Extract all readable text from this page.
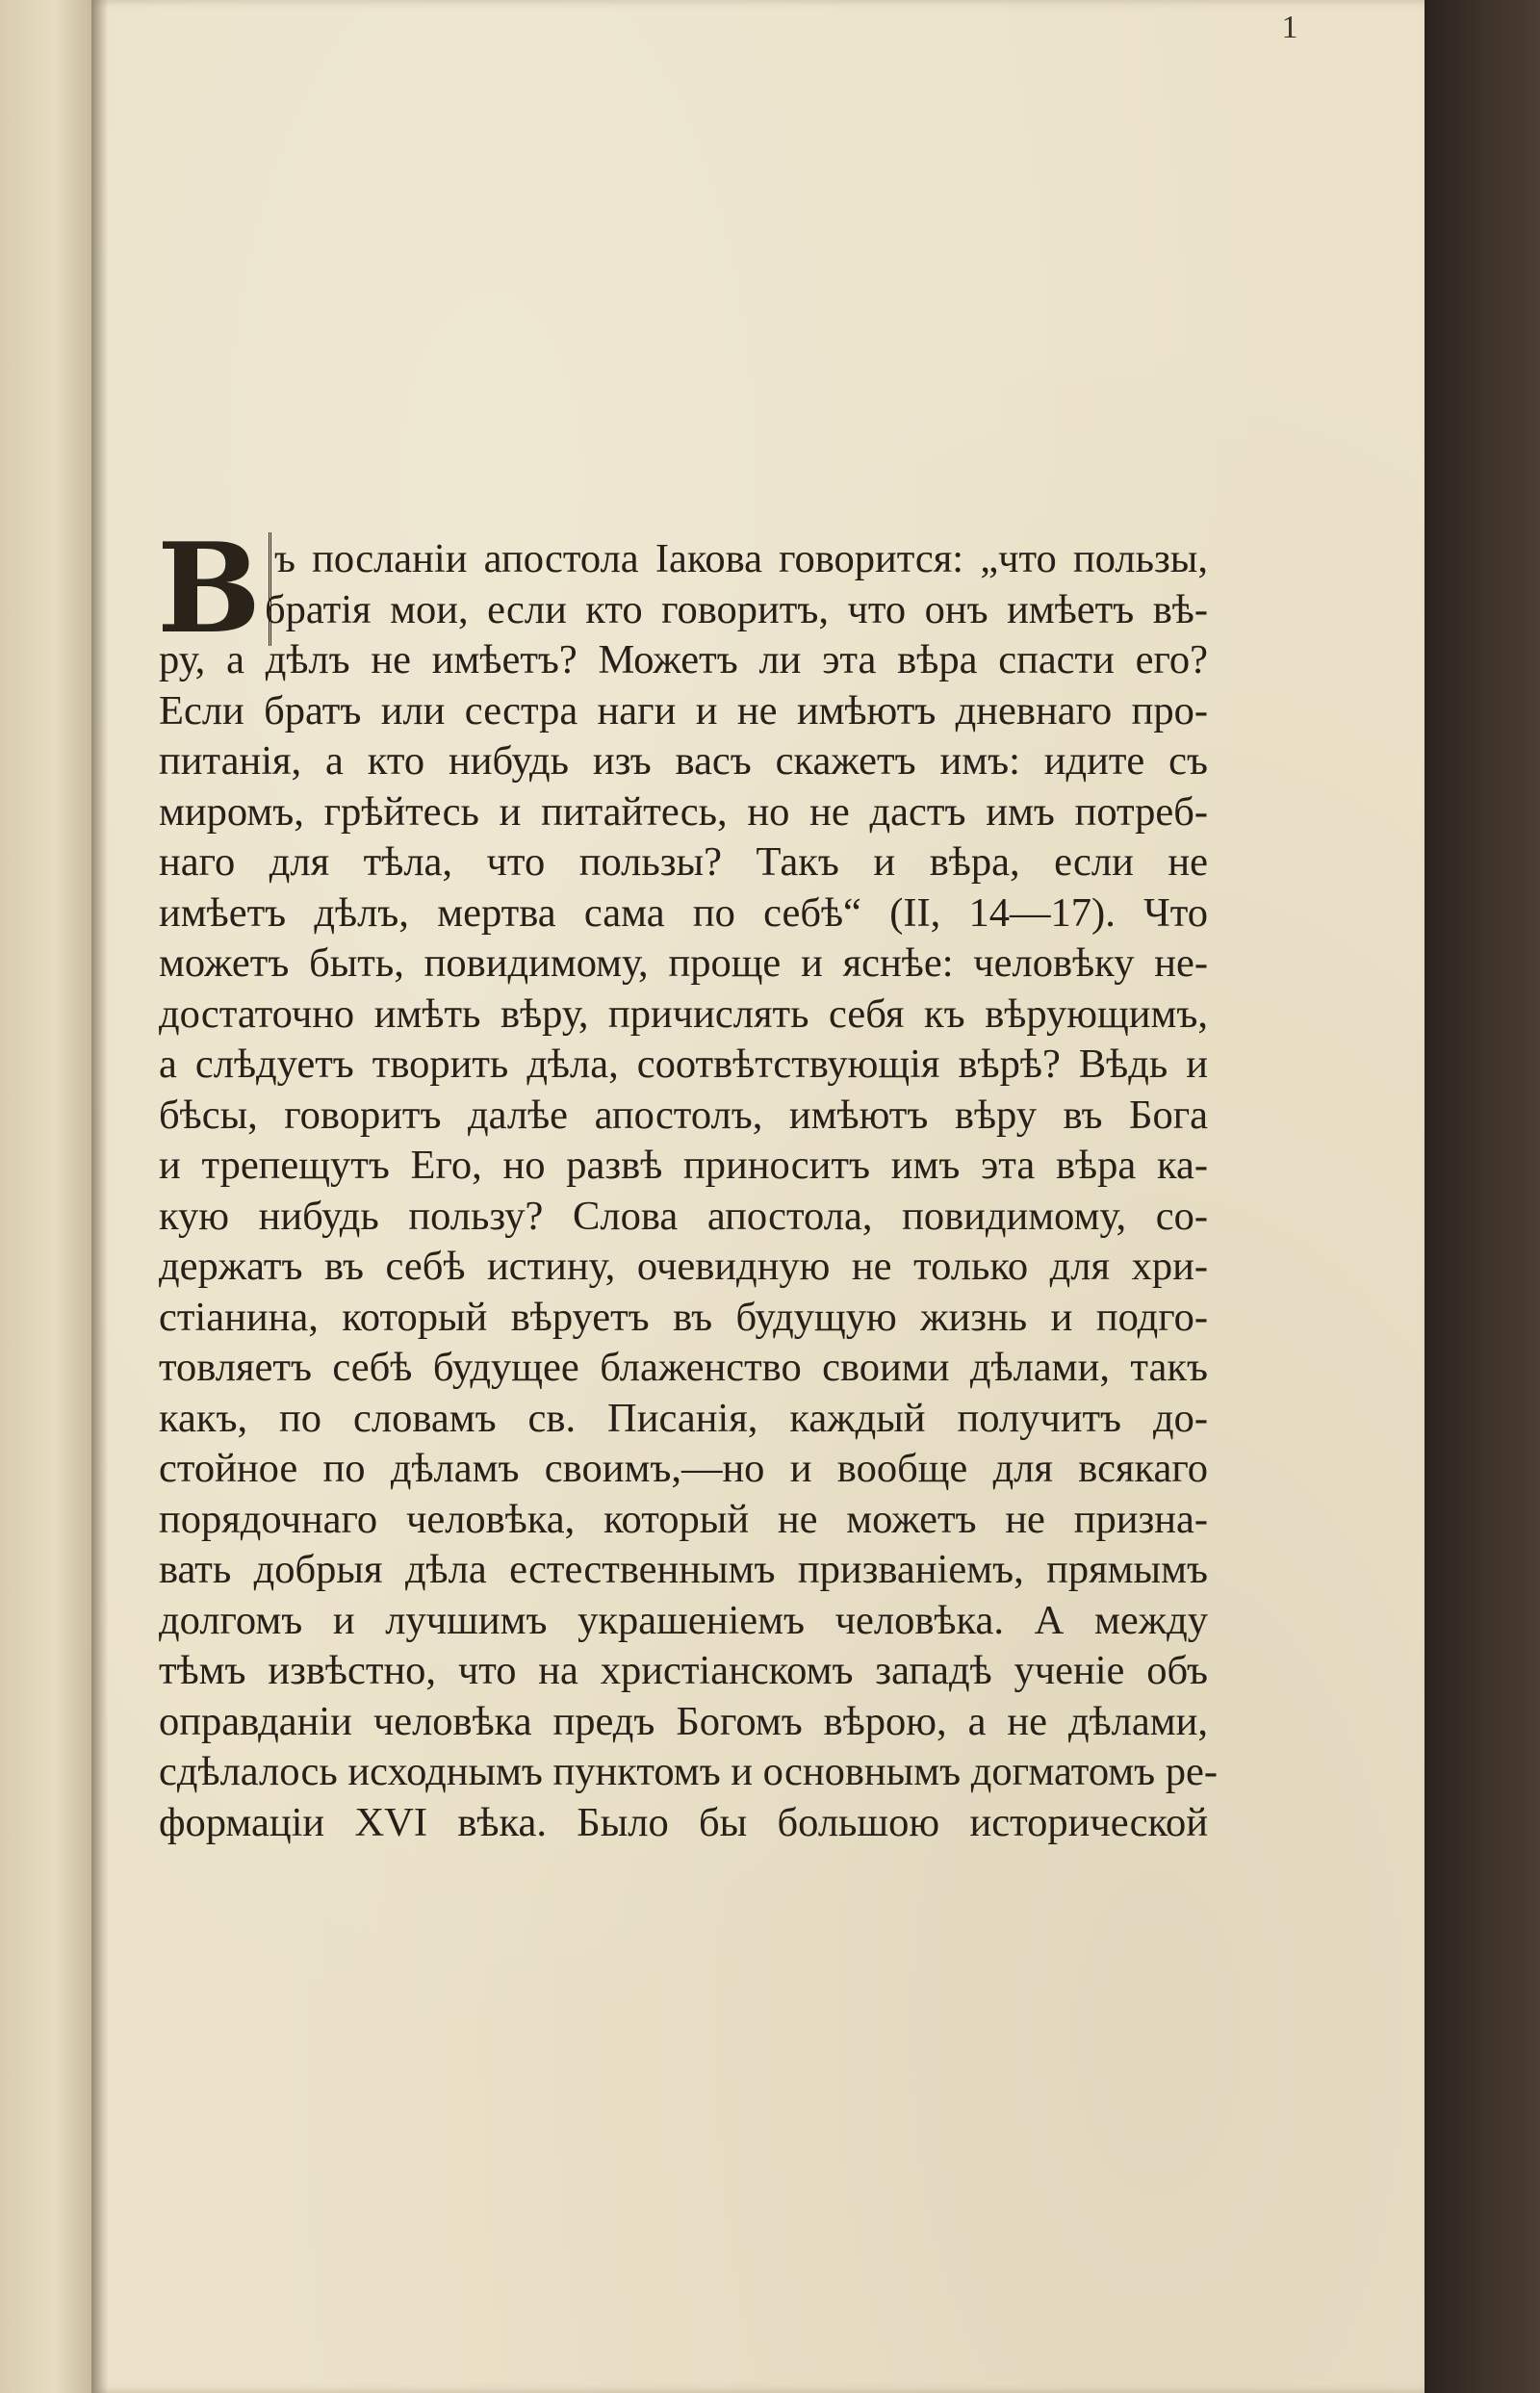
1
В ъ посланіи апостола Іакова говорится: „что пользы,
братія мои, если кто говоритъ, что онъ имѣетъ вѣ-
ру, а дѣлъ не имѣетъ? Можетъ ли эта вѣра спасти его?
Если братъ или сестра наги и не имѣютъ дневнаго про-
питанія, а кто нибудь изъ васъ скажетъ имъ: идите съ
миромъ, грѣйтесь и питайтесь, но не дастъ имъ потреб-
наго для тѣла, что пользы? Такъ и вѣра, если не
имѣетъ дѣлъ, мертва сама по себѣ“ (II, 14—17). Что
можетъ быть, повидимому, проще и яснѣе: человѣку не-
достаточно имѣть вѣру, причислять себя къ вѣрующимъ,
а слѣдуетъ творить дѣла, соотвѣтствующія вѣрѣ? Вѣдь и
бѣсы, говоритъ далѣе апостолъ, имѣютъ вѣру въ Бога
и трепещутъ Его, но развѣ приноситъ имъ эта вѣра ка-
кую нибудь пользу? Слова апостола, повидимому, со-
держатъ въ себѣ истину, очевидную не только для хри-
стіанина, который вѣруетъ въ будущую жизнь и подго-
товляетъ себѣ будущее блаженство своими дѣлами, такъ
какъ, по словамъ св. Писанія, каждый получитъ до-
стойное по дѣламъ своимъ,—но и вообще для всякаго
порядочнаго человѣка, который не можетъ не призна-
вать добрыя дѣла естественнымъ призваніемъ, прямымъ
долгомъ и лучшимъ украшеніемъ человѣка. А между
тѣмъ извѣстно, что на христіанскомъ западѣ ученіе объ
оправданіи человѣка предъ Богомъ вѣрою, а не дѣлами,
сдѣлалось исходнымъ пунктомъ и основнымъ догматомъ ре-
формаціи XVI вѣка. Было бы большою исторической
